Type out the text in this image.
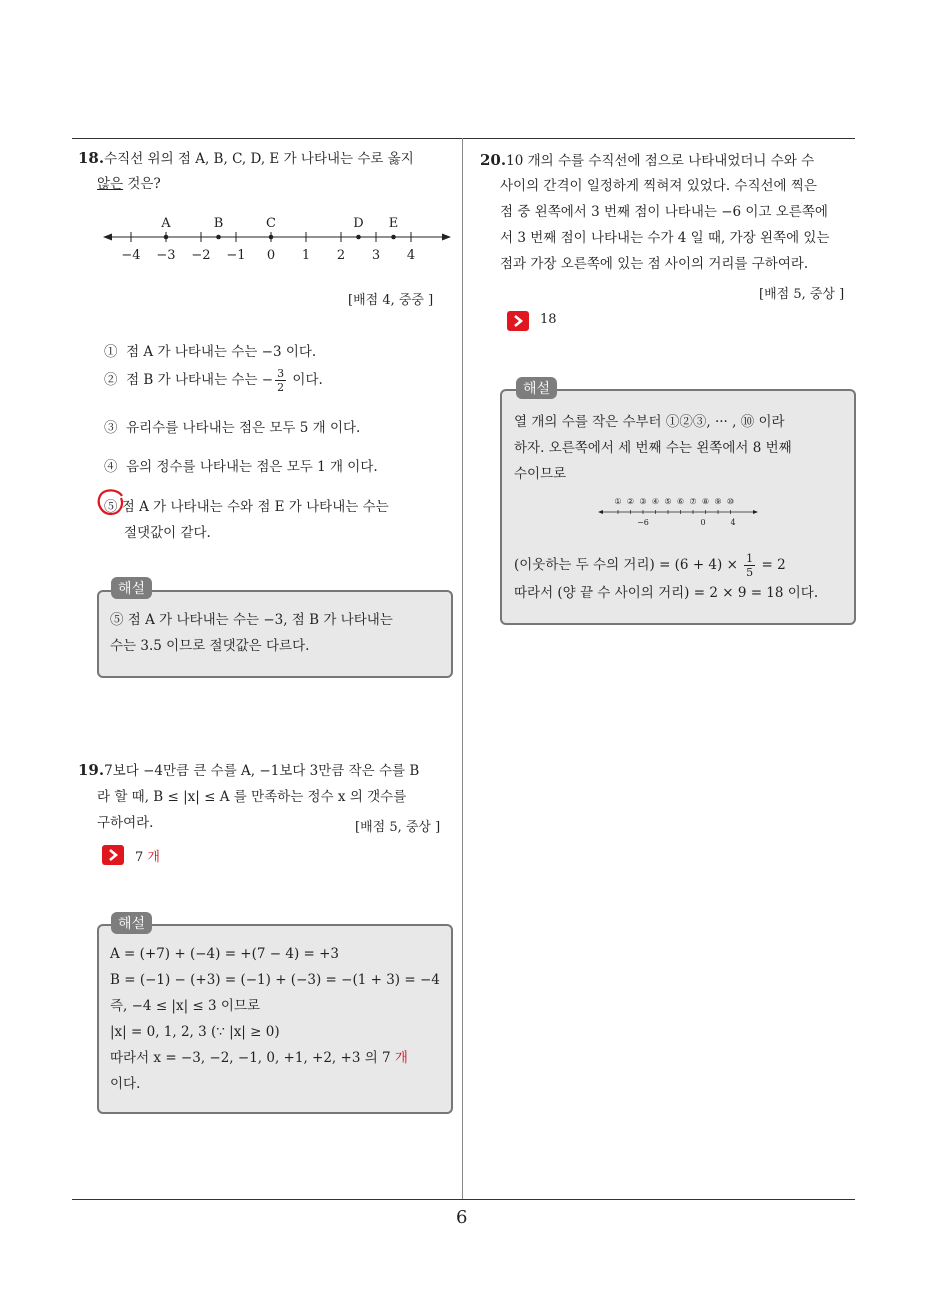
18.수직선 위의 점 A, B, C, D, E 가 나타내는 수로 옳지
않은 것은?
−4 −3 −2 −1 0 1 2 3 4
A	B	C	D E
[배점 4, 중중 ]
① 점 A 가 나타내는 수는 −3 이다.
② 점 B 가 나타내는 수는 − $\frac{3}{2}$ 이다.
③ 유리수를 나타내는 점은 모두 5 개 이다.
④ 음의 정수를 나타내는 점은 모두 1 개 이다.
⑤ 점 A 가 나타내는 수와 점 E 가 나타내는 수는
절댓값이 같다.
해설
⑤ 점 A 가 나타내는 수는 −3, 점 B 가 나타내는
수는 3.5 이므로 절댓값은 다르다.
19.7보다 −4만큼 큰 수를 A, −1보다 3만큼 작은 수를 B
라 할 때, B ≤ |x| ≤ A 를 만족하는 정수 x 의 갯수를
구하여라.	[배점 5, 중상 ]
7 개
해설
A = (+7) + (−4) = +(7 − 4) = +3
B = (−1) − (+3) = (−1) + (−3) = −(1 + 3) = −4
즉, −4 ≤ |x| ≤ 3 이므로
|x| = 0, 1, 2, 3 (∵ |x| ≥ 0)
따라서 x = −3, −2, −1, 0, +1, +2, +3 의 7 개
이다.
20.10 개의 수를 수직선에 점으로 나타내었더니 수와 수
사이의 간격이 일정하게 찍혀져 있었다. 수직선에 찍은
점 중 왼쪽에서 3 번째 점이 나타내는 −6 이고 오른쪽에
서 3 번째 점이 나타내는 수가 4 일 때, 가장 왼쪽에 있는
점과 가장 오른쪽에 있는 점 사이의 거리를 구하여라.
[배점 5, 중상 ]
18
해설
열 개의 수를 작은 수부터 ①②③, ··· , ⑩ 이라
하자. 오른쪽에서 세 번째 수는 왼쪽에서 8 번째
수이므로
① ② ③ ④ ⑤ ⑥ ⑦ ⑧ ⑨ ⑩
−6	0	4
(이웃하는 두 수의 거리) = $(6 + 4) \times \frac{1}{5} = 2$
따라서 (양 끝 수 사이의 거리) = 2 × 9 = 18 이다.
6
